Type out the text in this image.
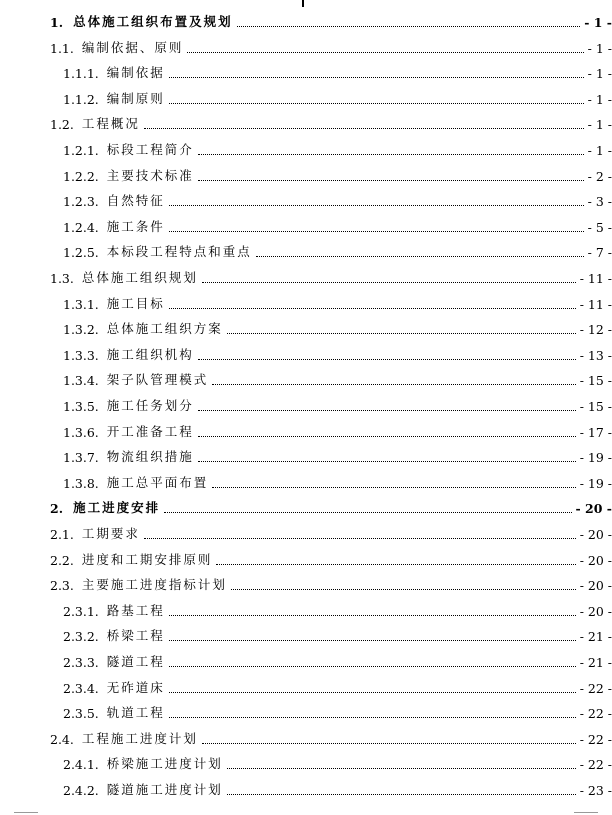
1. 总体施工组织布置及规划	- 1 -
1.1. 编制依据、原则	- 1 -
1.1.1. 编制依据	- 1 -
1.1.2. 编制原则	- 1 -
1.2. 工程概况	- 1 -
1.2.1. 标段工程简介	- 1 -
1.2.2. 主要技术标准	- 2 -
1.2.3. 自然特征	- 3 -
1.2.4. 施工条件	- 5 -
1.2.5. 本标段工程特点和重点	- 7 -
1.3. 总体施工组织规划	- 11 -
1.3.1. 施工目标	- 11 -
1.3.2. 总体施工组织方案	- 12 -
1.3.3. 施工组织机构	- 13 -
1.3.4. 架子队管理模式	- 15 -
1.3.5. 施工任务划分	- 15 -
1.3.6. 开工准备工程	- 17 -
1.3.7. 物流组织措施	- 19 -
1.3.8. 施工总平面布置	- 19 -
2. 施工进度安排	- 20 -
2.1. 工期要求	- 20 -
2.2. 进度和工期安排原则	- 20 -
2.3. 主要施工进度指标计划	- 20 -
2.3.1. 路基工程	- 20 -
2.3.2. 桥梁工程	- 21 -
2.3.3. 隧道工程	- 21 -
2.3.4. 无砟道床	- 22 -
2.3.5. 轨道工程	- 22 -
2.4. 工程施工进度计划	- 22 -
2.4.1. 桥梁施工进度计划	- 22 -
2.4.2. 隧道施工进度计划	- 23 -
